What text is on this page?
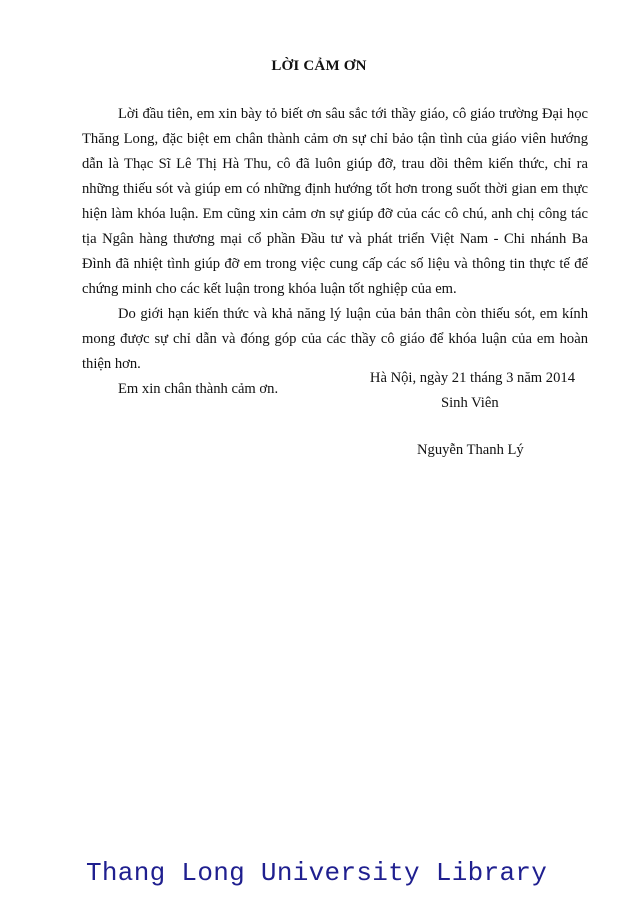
LỜI CẢM ƠN

Lời đầu tiên, em xin bày tỏ biết ơn sâu sắc tới thầy giáo, cô giáo trường Đại học Thăng Long, đặc biệt em chân thành cảm ơn sự chỉ bảo tận tình của giáo viên hướng dẫn là Thạc Sĩ Lê Thị Hà Thu, cô đã luôn giúp đỡ, trau dồi thêm kiến thức, chỉ ra những thiếu sót và giúp em có những định hướng tốt hơn trong suốt thời gian em thực hiện làm khóa luận. Em cũng xin cảm ơn sự giúp đỡ của các cô chú, anh chị công tác tịa Ngân hàng thương mại cổ phần Đầu tư và phát triển Việt Nam - Chi nhánh Ba Đình đã nhiệt tình giúp đỡ em trong việc cung cấp các số liệu và thông tin thực tế để chứng minh cho các kết luận trong khóa luận tốt nghiệp của em.

Do giới hạn kiến thức và khả năng lý luận của bản thân còn thiếu sót, em kính mong được sự chỉ dẫn và đóng góp của các thầy cô giáo để khóa luận của em hoàn thiện hơn.

Em xin chân thành cảm ơn.

Hà Nội, ngày 21 tháng 3 năm 2014
Sinh Viên
Nguyễn Thanh Lý
Thang Long University Library
